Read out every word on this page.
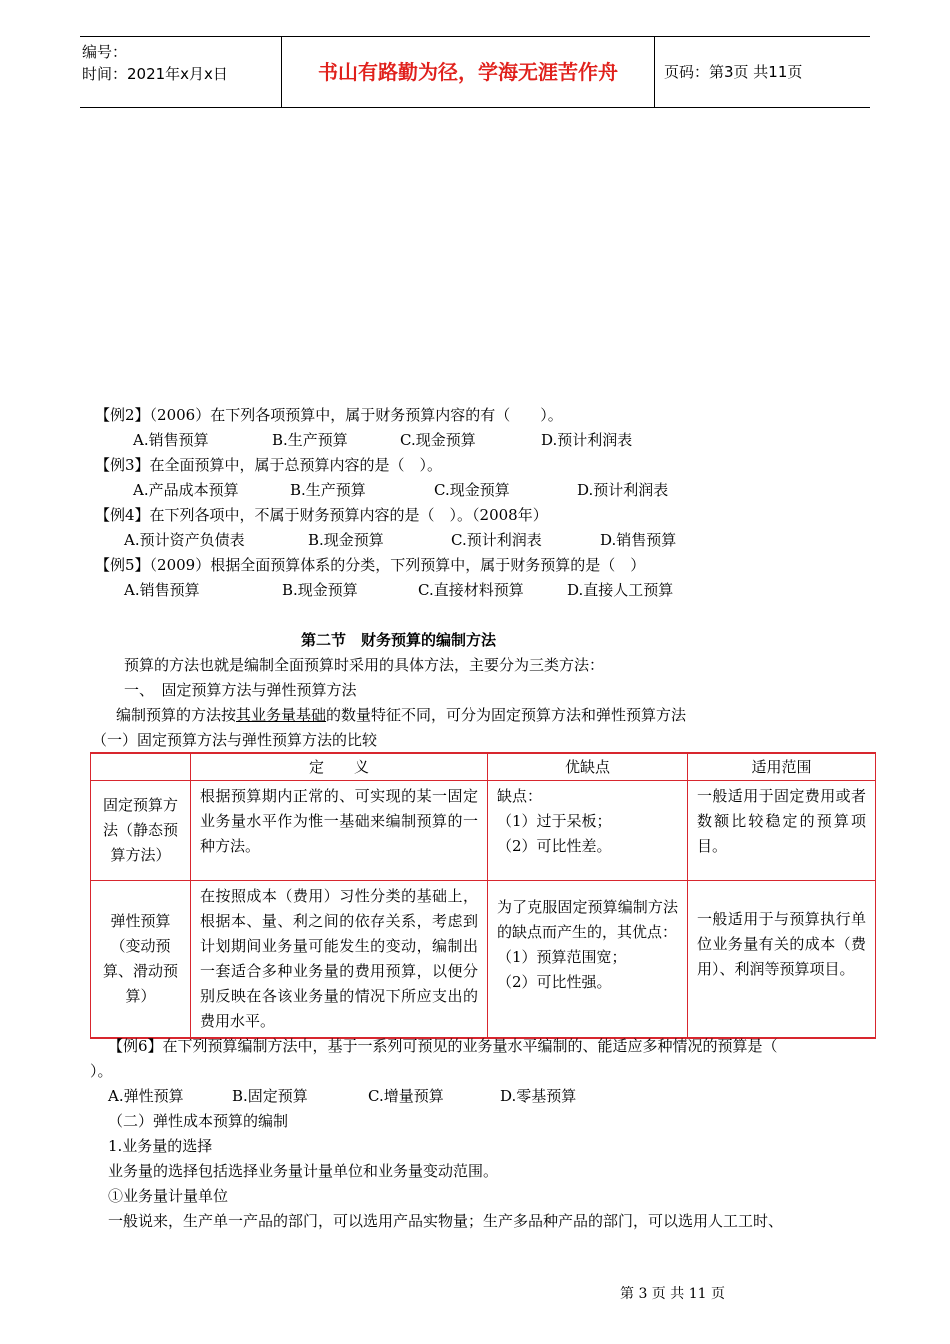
编号：
时间：2021年x月x日	书山有路勤为径，学海无涯苦作舟	页码：第3页 共11页
【例2】（2006）在下列各项预算中，属于财务预算内容的有（　　）。
A.销售预算	B.生产预算	C.现金预算	D.预计利润表
【例3】在全面预算中，属于总预算内容的是（　）。
A.产品成本预算	B.生产预算	C.现金预算	D.预计利润表
【例4】在下列各项中，不属于财务预算内容的是（　）。（2008年）
A.预计资产负债表	B.现金预算	C.预计利润表	D.销售预算
【例5】（2009）根据全面预算体系的分类，下列预算中，属于财务预算的是（　）
A.销售预算	B.现金预算	C.直接材料预算	D.直接人工预算
第二节　财务预算的编制方法
预算的方法也就是编制全面预算时采用的具体方法，主要分为三类方法：
一、　固定预算方法与弹性预算方法
编制预算的方法按其业务量基础的数量特征不同，可分为固定预算方法和弹性预算方法
（一）固定预算方法与弹性预算方法的比较
	定　　义	优缺点	适用范围
固定预算方法（静态预算方法）	根据预算期内正常的、可实现的某一固定业务量水平作为惟一基础来编制预算的一种方法。	缺点：
（1）过于呆板；
（2）可比性差。	一般适用于固定费用或者数额比较稳定的预算项目。
弹性预算（变动预算、滑动预算）	在按照成本（费用）习性分类的基础上，根据本、量、利之间的依存关系，考虑到计划期间业务量可能发生的变动，编制出一套适合多种业务量的费用预算，以便分别反映在各该业务量的情况下所应支出的费用水平。	为了克服固定预算编制方法的缺点而产生的，其优点：
（1）预算范围宽；
（2）可比性强。	一般适用于与预算执行单位业务量有关的成本（费用）、利润等预算项目。
【例6】在下列预算编制方法中，基于一系列可预见的业务量水平编制的、能适应多种情况的预算是（
）。
A.弹性预算	B.固定预算	C.增量预算	D.零基预算
（二）弹性成本预算的编制
1.业务量的选择
业务量的选择包括选择业务量计量单位和业务量变动范围。
①业务量计量单位
一般说来，生产单一产品的部门，可以选用产品实物量；生产多品种产品的部门，可以选用人工工时、
第 3 页 共 11 页
